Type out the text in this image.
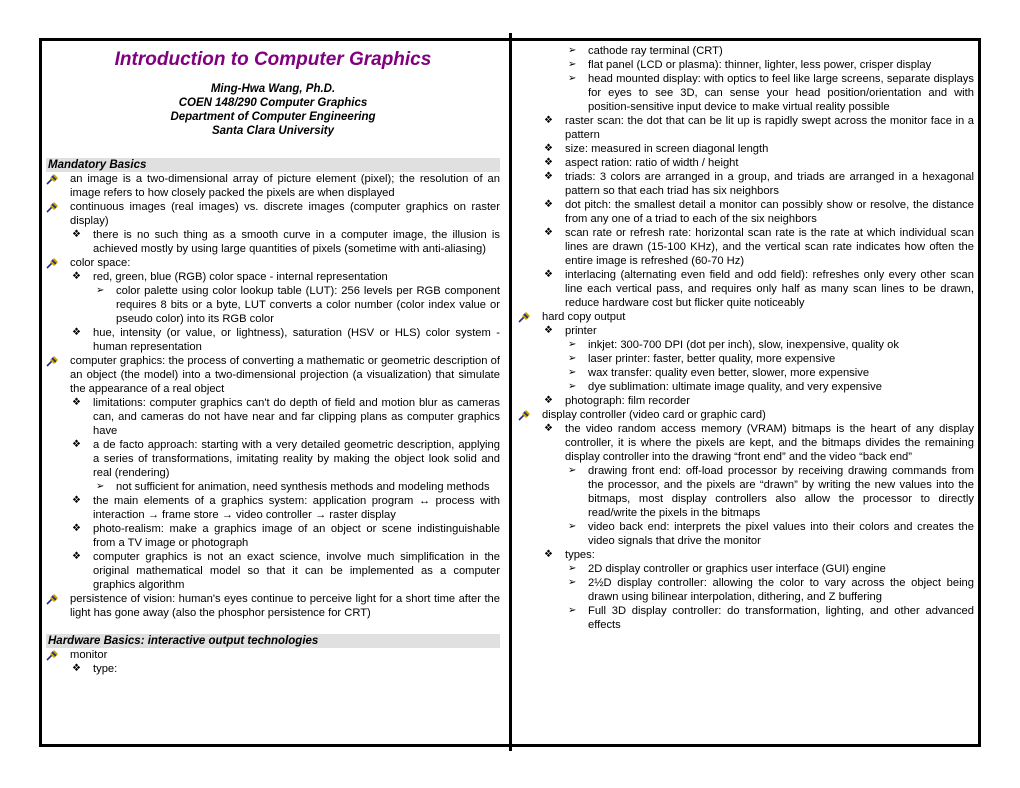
Introduction to Computer Graphics
Ming-Hwa Wang, Ph.D.
COEN 148/290 Computer Graphics
Department of Computer Engineering
Santa Clara University
Mandatory Basics
an image is a two-dimensional array of picture element (pixel); the resolution of an image refers to how closely packed the pixels are when displayed
continuous images (real images) vs. discrete images (computer graphics on raster display)
❖ there is no such thing as a smooth curve in a computer image, the illusion is achieved mostly by using large quantities of pixels (sometime with anti-aliasing)
color space:
❖ red, green, blue (RGB) color space - internal representation
➢ color palette using color lookup table (LUT): 256 levels per RGB component requires 8 bits or a byte, LUT converts a color number (color index value or pseudo color) into its RGB color
❖ hue, intensity (or value, or lightness), saturation (HSV or HLS) color system - human representation
computer graphics: the process of converting a mathematic or geometric description of an object (the model) into a two-dimensional projection (a visualization) that simulate the appearance of a real object
❖ limitations: computer graphics can't do depth of field and motion blur as cameras can, and cameras do not have near and far clipping plans as computer graphics have
❖ a de facto approach: starting with a very detailed geometric description, applying a series of transformations, imitating reality by making the object look solid and real (rendering)
➢ not sufficient for animation, need synthesis methods and modeling methods
❖ the main elements of a graphics system: application program ↔ process with interaction → frame store → video controller → raster display
❖ photo-realism: make a graphics image of an object or scene indistinguishable from a TV image or photograph
❖ computer graphics is not an exact science, involve much simplification in the original mathematical model so that it can be implemented as a computer graphics algorithm
persistence of vision: human's eyes continue to perceive light for a short time after the light has gone away (also the phosphor persistence for CRT)
Hardware Basics: interactive output technologies
monitor
❖ type:
➢ cathode ray terminal (CRT)
➢ flat panel (LCD or plasma): thinner, lighter, less power, crisper display
➢ head mounted display: with optics to feel like large screens, separate displays for eyes to see 3D, can sense your head position/orientation and with position-sensitive input device to make virtual reality possible
❖ raster scan: the dot that can be lit up is rapidly swept across the monitor face in a pattern
❖ size: measured in screen diagonal length
❖ aspect ration: ratio of width / height
❖ triads: 3 colors are arranged in a group, and triads are arranged in a hexagonal pattern so that each triad has six neighbors
❖ dot pitch: the smallest detail a monitor can possibly show or resolve, the distance from any one of a triad to each of the six neighbors
❖ scan rate or refresh rate: horizontal scan rate is the rate at which individual scan lines are drawn (15-100 KHz), and the vertical scan rate indicates how often the entire image is refreshed (60-70 Hz)
❖ interlacing (alternating even field and odd field): refreshes only every other scan line each vertical pass, and requires only half as many scan lines to be drawn, reduce hardware cost but flicker quite noticeably
hard copy output
❖ printer
➢ inkjet: 300-700 DPI (dot per inch), slow, inexpensive, quality ok
➢ laser printer: faster, better quality, more expensive
➢ wax transfer: quality even better, slower, more expensive
➢ dye sublimation: ultimate image quality, and very expensive
❖ photograph: film recorder
display controller (video card or graphic card)
❖ the video random access memory (VRAM) bitmaps is the heart of any display controller, it is where the pixels are kept, and the bitmaps divides the remaining display controller into the drawing “front end” and the video “back end”
➢ drawing front end: off-load processor by receiving drawing commands from the processor, and the pixels are “drawn” by writing the new values into the bitmaps, most display controllers also allow the processor to directly read/write the pixels in the bitmaps
➢ video back end: interprets the pixel values into their colors and creates the video signals that drive the monitor
❖ types:
➢ 2D display controller or graphics user interface (GUI) engine
➢ 2½D display controller: allowing the color to vary across the object being drawn using bilinear interpolation, dithering, and Z buffering
➢ Full 3D display controller: do transformation, lighting, and other advanced effects
